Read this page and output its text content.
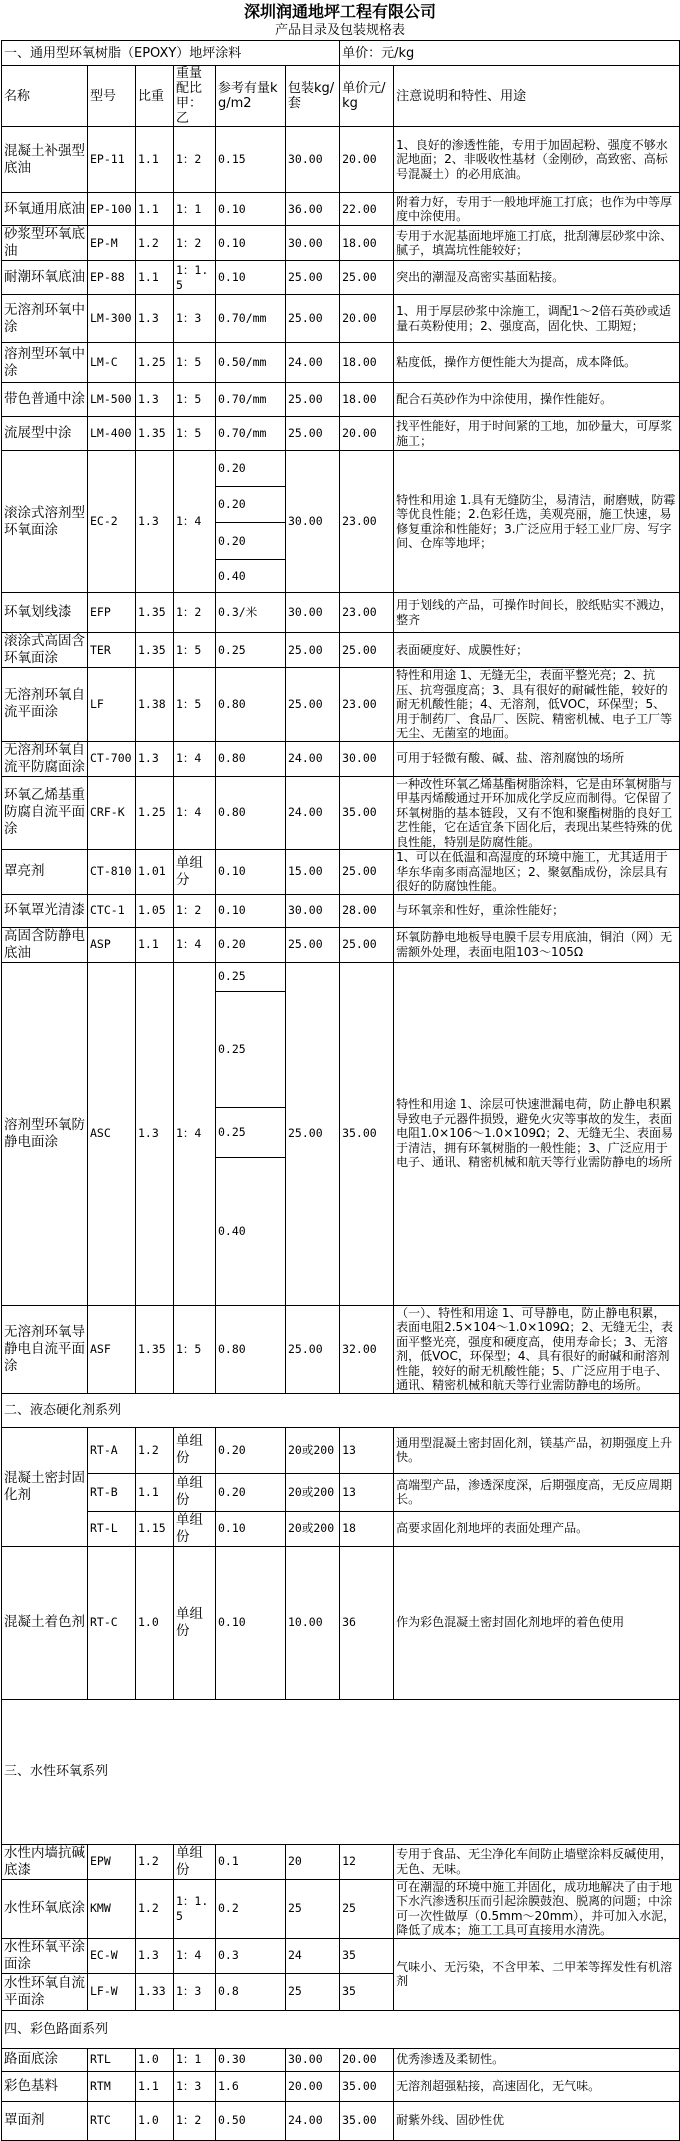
深圳润通地坪工程有限公司
产品目录及包装规格表
一、通用型环氧树脂（EPOXY）地坪涂料						单价：元/kg	
名称	型号	比重	重量配比甲：乙	参考有量kg/m2	包装kg/套	单价元/kg	注意说明和特性、用途
混凝土补强型底油	EP-11	1.1	1：2	0.15	30.00	20.00	1、良好的渗透性能，专用于加固起粉、强度不够水泥地面；2、非吸收性基材（金刚砂，高致密、高标号混凝土）的必用底油。
环氧通用底油	EP-100	1.1	1：1	0.10	36.00	22.00	附着力好，专用于一般地坪施工打底；也作为中等厚度中涂使用。
砂浆型环氧底油	EP-M	1.2	1：2	0.10	30.00	18.00	专用于水泥基面地坪施工打底，批刮薄层砂浆中涂、腻子，填嵩坑性能较好；
耐潮环氧底油	EP-88	1.1	1：1.5	0.10	25.00	25.00	突出的潮湿及高密实基面粘接。
无溶剂环氧中涂	LM-300	1.3	1：3	0.70/mm	25.00	20.00	1、用于厚层砂浆中涂施工，调配1～2倍石英砂或适量石英粉使用；2、强度高，固化快、工期短；
溶剂型环氧中涂	LM-C	1.25	1：5	0.50/mm	24.00	18.00	粘度低，操作方便性能大为提高，成本降低。
带色普通中涂	LM-500	1.3	1：5	0.70/mm	25.00	18.00	配合石英砂作为中涂使用，操作性能好。
流展型中涂	LM-400	1.35	1：5	0.70/mm	25.00	20.00	找平性能好，用于时间紧的工地，加砂量大，可厚浆施工；
滚涂式溶剂型环氧面涂	EC-2	1.3	1：4	0.20	30.00	23.00	特性和用途 1.具有无缝防尘，易清洁，耐磨贼，防霉等优良性能；2.色彩任选，美观亮丽，施工快速，易修复重涂和性能好；3.广泛应用于轻工业厂房、写字间、仓库等地坪；
				0.20			
				0.20			
				0.40			
环氧划线漆	EFP	1.35	1：2	0.3/米	30.00	23.00	用于划线的产品，可操作时间长，胶纸贴实不溅边，整齐
滚涂式高固含环氧面涂	TER	1.35	1：5	0.25	25.00	25.00	表面硬度好、成膜性好；
无溶剂环氧自流平面涂	LF	1.38	1：5	0.80	25.00	23.00	特性和用途 1、无缝无尘，表面平整光亮；2、抗压、抗弯强度高；3、具有很好的耐碱性能，较好的耐无机酸性能；4、无溶剂，低VOC，环保型；5、用于制药厂、食品厂、医院、精密机械、电子工厂等无尘、无菌室的地面。
无溶剂环氧自流平防腐面涂	CT-700	1.3	1：4	0.80	24.00	30.00	可用于轻微有酸、碱、盐、溶剂腐蚀的场所
环氧乙烯基重防腐自流平面涂	CRF-K	1.25	1：4	0.80	24.00	35.00	一种改性环氧乙烯基酯树脂涂料，它是由环氧树脂与甲基丙烯酸通过开环加成化学反应而制得。它保留了环氧树脂的基本链段，又有不饱和聚酯树脂的良好工艺性能，它在适宜条下固化后，表现出某些特殊的优良性能，特别是防腐性能。
罩亮剂	CT-810	1.01	单组分	0.10	15.00	25.00	1、可以在低温和高湿度的环境中施工，尤其适用于华东华南多雨高湿地区；2、聚氨酯成份，涂层具有很好的防腐蚀性能。
环氧罩光清漆	CTC-1	1.05	1：2	0.10	30.00	28.00	与环氧亲和性好，重涂性能好；
高固含防静电底油	ASP	1.1	1：4	0.20	25.00	25.00	环氧防静电地板导电膜千层专用底油，铜泊（网）无需额外处理，表面电阻103～105Ω
溶剂型环氧防静电面涂	ASC	1.3	1：4	0.25	25.00	35.00	特性和用途 1、涂层可快速泄漏电荷，防止静电积累导致电子元器件损毁，避免火灾等事故的发生，表面电阻1.0×106～1.0×109Ω；2、无缝无尘、表面易于清洁，拥有环氧树脂的一般性能；3、广泛应用于电子、通讯、精密机械和航天等行业需防静电的场所
				0.25			
				0.25			
				0.40			
无溶剂环氧导静电自流平面涂	ASF	1.35	1：5	0.80	25.00	32.00	（一）、特性和用途 1、可导静电，防止静电积累，表面电阻2.5×104～1.0×109Ω；2、无缝无尘，表面平整光亮，强度和硬度高，使用寿命长；3、无溶剂，低VOC，环保型；4、具有很好的耐碱和耐溶剂性能，较好的耐无机酸性能；5、广泛应用于电子、通讯、精密机械和航天等行业需防静电的场所。
二、液态硬化剂系列							
混凝土密封固化剂	RT-A	1.2	单组份	0.20	20或200	13	通用型混凝土密封固化剂，镁基产品，初期强度上升快。
	RT-B	1.1	单组份	0.20	20或200	13	高端型产品，渗透深度深，后期强度高，无反应周期长。
	RT-L	1.15	单组份	0.10	20或200	18	高要求固化剂地坪的表面处理产品。
混凝土着色剂	RT-C	1.0	单组份	0.10	10.00	36	作为彩色混凝土密封固化剂地坪的着色使用
三、水性环氧系列							
水性内墙抗碱底漆	EPW	1.2	单组份	0.1	20	12	专用于食品、无尘净化车间防止墙壁涂料反碱使用，无色、无味。
水性环氧底涂	KMW	1.2	1：1.5	0.2	25	25	可在潮湿的环境中施工并固化，成功地解决了由于地下水汽渗透积压而引起涂膜鼓泡、脱离的问题；中涂可一次性做厚（0.5mm～20mm），并可加入水泥，降低了成本；施工工具可直接用水清洗。
水性环氧平涂面涂	EC-W	1.3	1：4	0.3	24	35	气味小、无污染，不含甲苯、二甲苯等挥发性有机溶剂
水性环氧自流平面涂	LF-W	1.33	1：3	0.8	25	35	
四、彩色路面系列							
路面底涂	RTL	1.0	1：1	0.30	30.00	20.00	优秀渗透及柔韧性。
彩色基料	RTM	1.1	1：3	1.6	20.00	35.00	无溶剂超强粘接，高速固化，无气味。
罩面剂	RTC	1.0	1：2	0.50	24.00	35.00	耐紫外线、固砂性优
